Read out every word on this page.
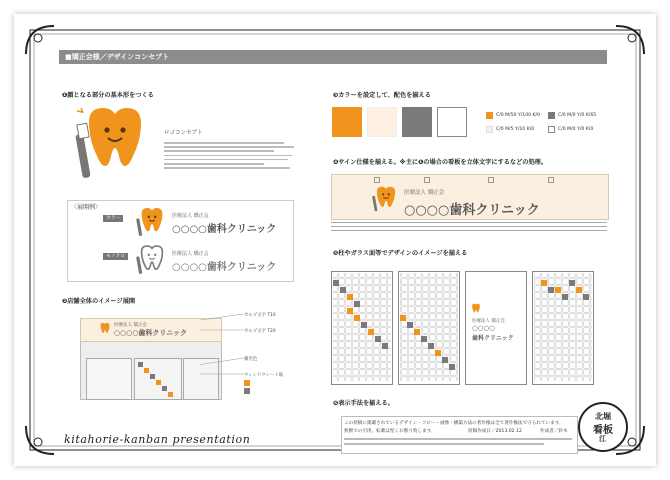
■矯正会様／デザインコンセプト
❶顔となる部分の基本形をつくる
ロゴコンセプト
〈展開例〉
カラー
モノクロ
医療法人 矯正会
○○○○歯科クリニック
医療法人 矯正会
○○○○歯科クリニック
❷店舗全体のイメージ展開
医療法人 矯正会
○○○○歯科クリニック
カルプ文字 T10
カルプ文字 T20
蓄光色
ウィンドウシート貼
❸カラーを設定して、配色を揃える
C/0 M/50 Y/100 K/0	C/0 M/0 Y/0 K/65
C/0 M/5 Y/10 K/0	C/0 M/0 Y/0 K/0
❹サイン仕様を揃える。※主に❶の場合の看板を立体文字にするなどの処理。
医療法人 矯正会
○○○○歯科クリニック
❺柱やガラス面等でデザインのイメージを揃える
医療法人 矯正会
○○○○
歯科クリニック
❻表示手法を揃える。
この原稿に掲載されているデザイン・コピー・画像・構築方法の著作権は全て著作権法で守られています。
無断での引用、転載は堅くお断り致します。	原稿作成日／2013.02.12	作成者／鈴木
kitahorie-kanban presentation
北堀
看板
江
